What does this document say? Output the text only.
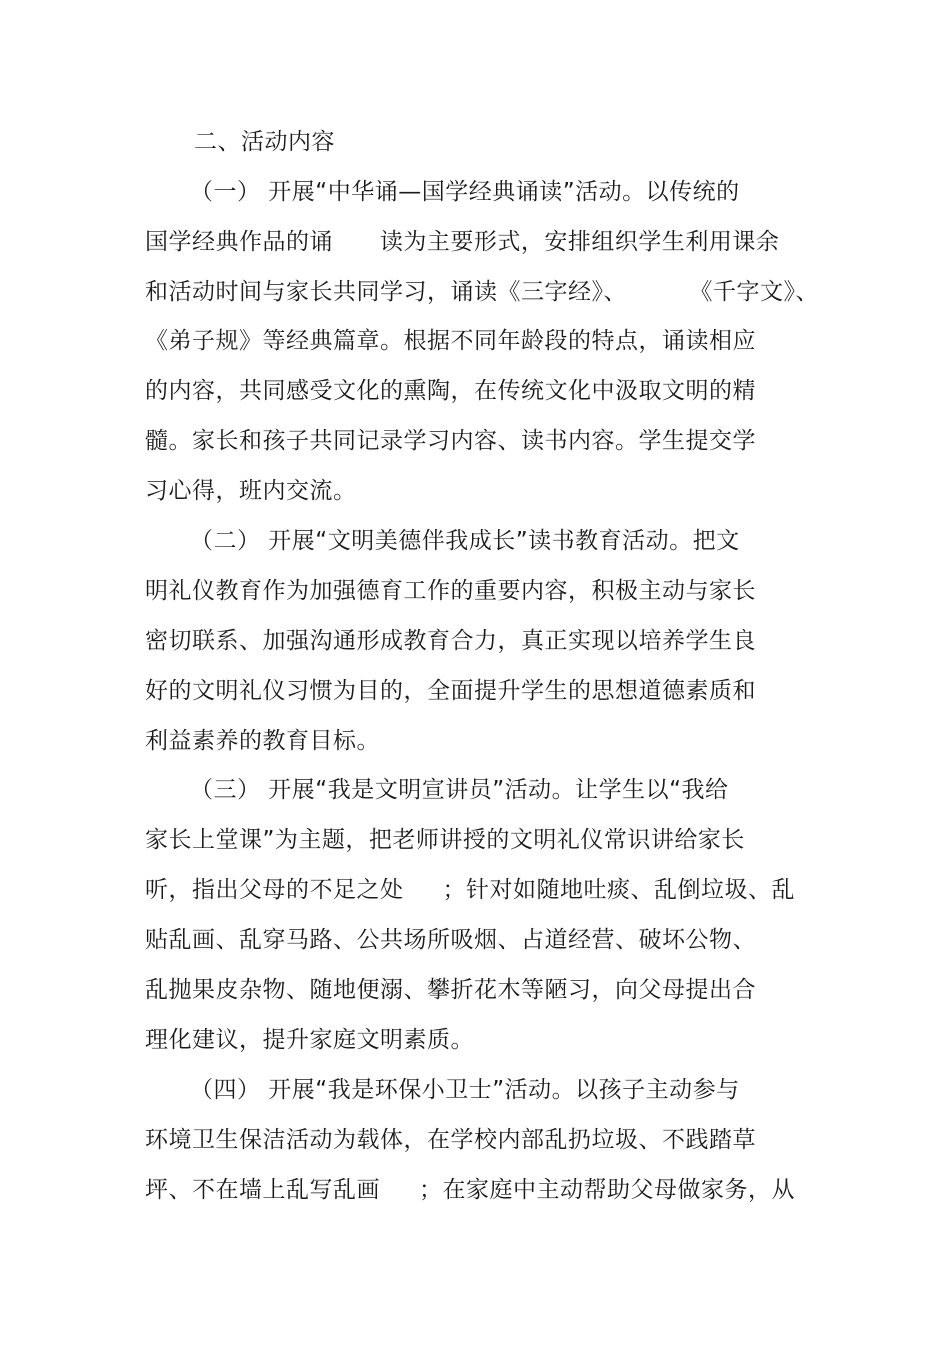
二、活动内容
（一） 开展“中华诵—国学经典诵读”活动。以传统的
国学经典作品的诵      读为主要形式，安排组织学生利用课余
和活动时间与家长共同学习，诵读《三字经》、        《千字文》、
《弟子规》等经典篇章。根据不同年龄段的特点，诵读相应
的内容，共同感受文化的熏陶，在传统文化中汲取文明的精
髓。家长和孩子共同记录学习内容、读书内容。学生提交学
习心得，班内交流。
（二） 开展“文明美德伴我成长”读书教育活动。把文
明礼仪教育作为加强德育工作的重要内容，积极主动与家长
密切联系、加强沟通形成教育合力，真正实现以培养学生良
好的文明礼仪习惯为目的，全面提升学生的思想道德素质和
利益素养的教育目标。
（三） 开展“我是文明宣讲员”活动。让学生以“我给
家长上堂课”为主题，把老师讲授的文明礼仪常识讲给家长
听，指出父母的不足之处     ；针对如随地吐痰、乱倒垃圾、乱
贴乱画、乱穿马路、公共场所吸烟、占道经营、破坏公物、
乱抛果皮杂物、随地便溺、攀折花木等陋习，向父母提出合
理化建议，提升家庭文明素质。
（四） 开展“我是环保小卫士”活动。以孩子主动参与
环境卫生保洁活动为载体，在学校内部乱扔垃圾、不践踏草
坪、不在墙上乱写乱画     ；在家庭中主动帮助父母做家务，从
